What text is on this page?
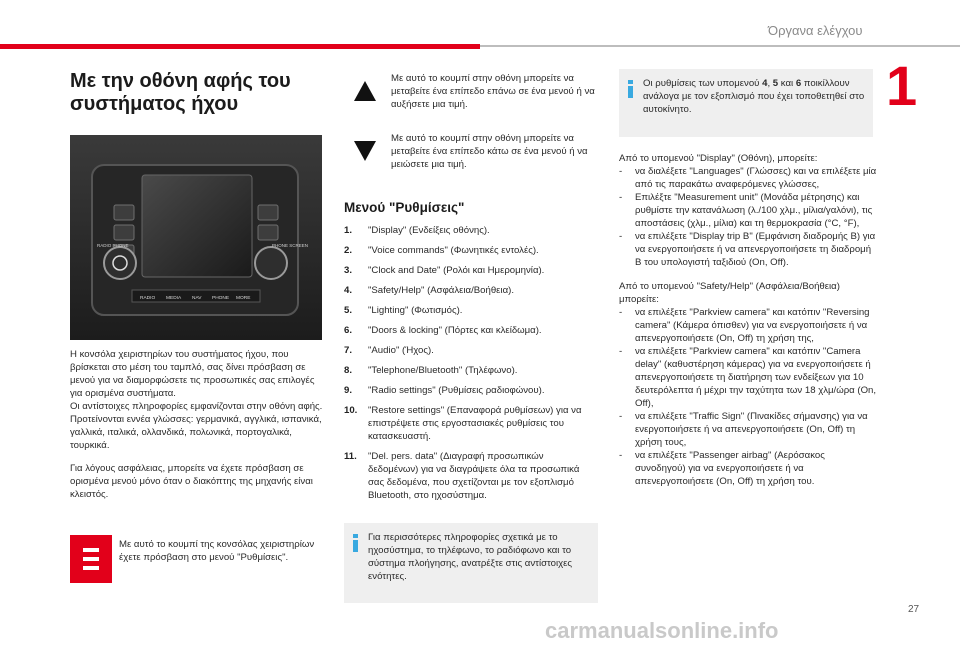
Όργανα ελέγχου
1
Με την οθόνη αφής του συστήματος ήχου
RADIO PHONE	PHONE SCREEN
RADIO MEDIA NAV PHONE MORE

Η κονσόλα χειριστηρίων του συστήματος ήχου, που βρίσκεται στο μέση του ταμπλό, σας δίνει πρόσβαση σε μενού για να διαμορφώσετε τις προσωπικές σας επιλογές για ορισμένα συστήματα.

Οι αντίστοιχες πληροφορίες εμφανίζονται στην οθόνη αφής.

Προτείνονται εννέα γλώσσες: γερμανικά, αγγλικά, ισπανικά, γαλλικά, ιταλικά, ολλανδικά, πολωνικά, πορτογαλικά, τουρκικά.

Για λόγους ασφάλειας, μπορείτε να έχετε πρόσβαση σε ορισμένα μενού μόνο όταν ο διακόπτης της μηχανής είναι κλειστός.

Με αυτό το κουμπί της κονσόλας χειριστηρίων έχετε πρόσβαση στο μενού "Ρυθμίσεις".

Με αυτό το κουμπί στην οθόνη μπορείτε να μεταβείτε ένα επίπεδο επάνω σε ένα μενού ή να αυξήσετε μια τιμή.

Με αυτό το κουμπί στην οθόνη μπορείτε να μεταβείτε ένα επίπεδο κάτω σε ένα μενού ή να μειώσετε μια τιμή.

Μενού "Ρυθμίσεις"
1.	"Display" (Ενδείξεις οθόνης).
2.	"Voice commands" (Φωνητικές εντολές).
3.	"Clock and Date" (Ρολόι και Ημερομηνία).
4.	"Safety/Help" (Ασφάλεια/Βοήθεια).
5.	"Lighting" (Φωτισμός).
6.	"Doors & locking" (Πόρτες και κλείδωμα).
7.	"Audio" (Ήχος).
8.	"Telephone/Bluetooth" (Τηλέφωνο).
9.	"Radio settings" (Ρυθμίσεις ραδιοφώνου).
10.	"Restore settings" (Επαναφορά ρυθμίσεων) για να επιστρέψετε στις εργοστασιακές ρυθμίσεις του κατασκευαστή.
11.	"Del. pers. data" (Διαγραφή προσωπικών δεδομένων) για να διαγράψετε όλα τα προσωπικά σας δεδομένα, που σχετίζονται με τον εξοπλισμό Bluetooth, στο ηχοσύστημα.

Για περισσότερες πληροφορίες σχετικά με το ηχοσύστημα, το τηλέφωνο, το ραδιόφωνο και το σύστημα πλοήγησης, ανατρέξτε στις αντίστοιχες ενότητες.

Οι ρυθμίσεις των υπομενού 4, 5 και 6 ποικίλλουν ανάλογα με τον εξοπλισμό που έχει τοποθετηθεί στο αυτοκίνητο.

Από το υπομενού "Display" (Οθόνη), μπορείτε:

-	να διαλέξετε "Languages" (Γλώσσες) και να επιλέξετε μία από τις παρακάτω αναφερόμενες γλώσσες,
-	Επιλέξτε "Measurement unit" (Μονάδα μέτρησης) και ρυθμίστε την κατανάλωση (λ./100 χλμ., μίλια/γαλόνι), τις αποστάσεις (χλμ., μίλια) και τη θερμοκρασία (°C, °F),
-	να επιλέξετε "Display trip B" (Εμφάνιση διαδρομής B) για να ενεργοποιήσετε ή να απενεργοποιήσετε τη διαδρομή B του υπολογιστή ταξιδιού (On, Off).

Από το υπομενού "Safety/Help" (Ασφάλεια/Βοήθεια) μπορείτε:

-	να επιλέξετε "Parkview camera" και κατόπιν "Reversing camera" (Κάμερα όπισθεν) για να ενεργοποιήσετε ή να απενεργοποιήσετε (On, Off) τη χρήση της,
-	να επιλέξετε "Parkview camera" και κατόπιν "Camera delay" (καθυστέρηση κάμερας) για να ενεργοποιήσετε ή απενεργοποιήσετε τη διατήρηση των ενδείξεων για 10 δευτερόλεπτα ή μέχρι την ταχύτητα των 18 χλμ/ώρα (On, Off),
-	να επιλέξετε "Traffic Sign" (Πινακίδες σήμανσης) για να ενεργοποιήσετε ή να απενεργοποιήσετε (On, Off) τη χρήση τους,
-	να επιλέξετε "Passenger airbag" (Αερόσακος συνοδηγού) για να ενεργοποιήσετε ή να απενεργοποιήσετε (On, Off) τη χρήση του.
27
carmanualsonline.info
